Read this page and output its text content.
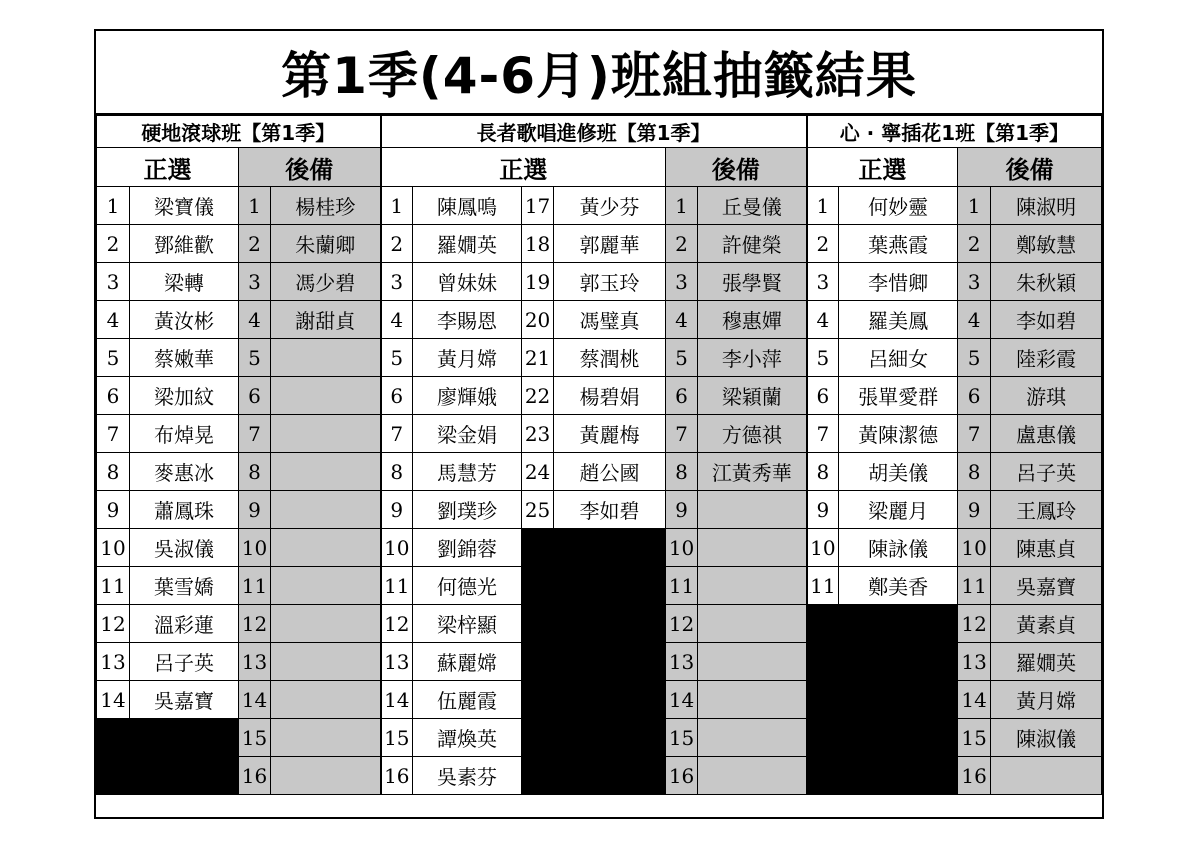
第1季(4-6月)班組抽籤結果
硬地滾球班【第1季】				長者歌唱進修班【第1季】						心 · 寧插花1班【第1季】			
正選		後備		正選				後備		正選		後備	
1	梁寶儀	1	楊桂珍	1	陳鳳鳴	17	黃少芬	1	丘曼儀	1	何妙靈	1	陳淑明
2	鄧維歡	2	朱蘭卿	2	羅嫺英	18	郭麗華	2	許健榮	2	葉燕霞	2	鄭敏慧
3	梁轉	3	馮少碧	3	曾妹妹	19	郭玉玲	3	張學賢	3	李惜卿	3	朱秋穎
4	黃汝彬	4	謝甜貞	4	李賜恩	20	馮璧真	4	穆惠嬋	4	羅美鳳	4	李如碧
5	蔡嫩華	5		5	黃月嫦	21	蔡潤桃	5	李小萍	5	呂細女	5	陸彩霞
6	梁加紋	6		6	廖輝娥	22	楊碧娟	6	梁穎蘭	6	張單愛群	6	游琪
7	布焯晃	7		7	梁金娟	23	黃麗梅	7	方德祺	7	黃陳潔德	7	盧惠儀
8	麥惠冰	8		8	馬慧芳	24	趙公國	8	江黃秀華	8	胡美儀	8	呂子英
9	蕭鳳珠	9		9	劉璞珍	25	李如碧	9		9	梁麗月	9	王鳳玲
10	吳淑儀	10		10	劉錦蓉			10		10	陳詠儀	10	陳惠貞
11	葉雪嬌	11		11	何德光			11		11	鄭美香	11	吳嘉寶
12	溫彩蓮	12		12	梁梓顯			12				12	黃素貞
13	呂子英	13		13	蘇麗嫦			13				13	羅嫺英
14	吳嘉寶	14		14	伍麗霞			14				14	黃月嫦
		15		15	譚煥英			15				15	陳淑儀
		16		16	吳素芬			16				16	
